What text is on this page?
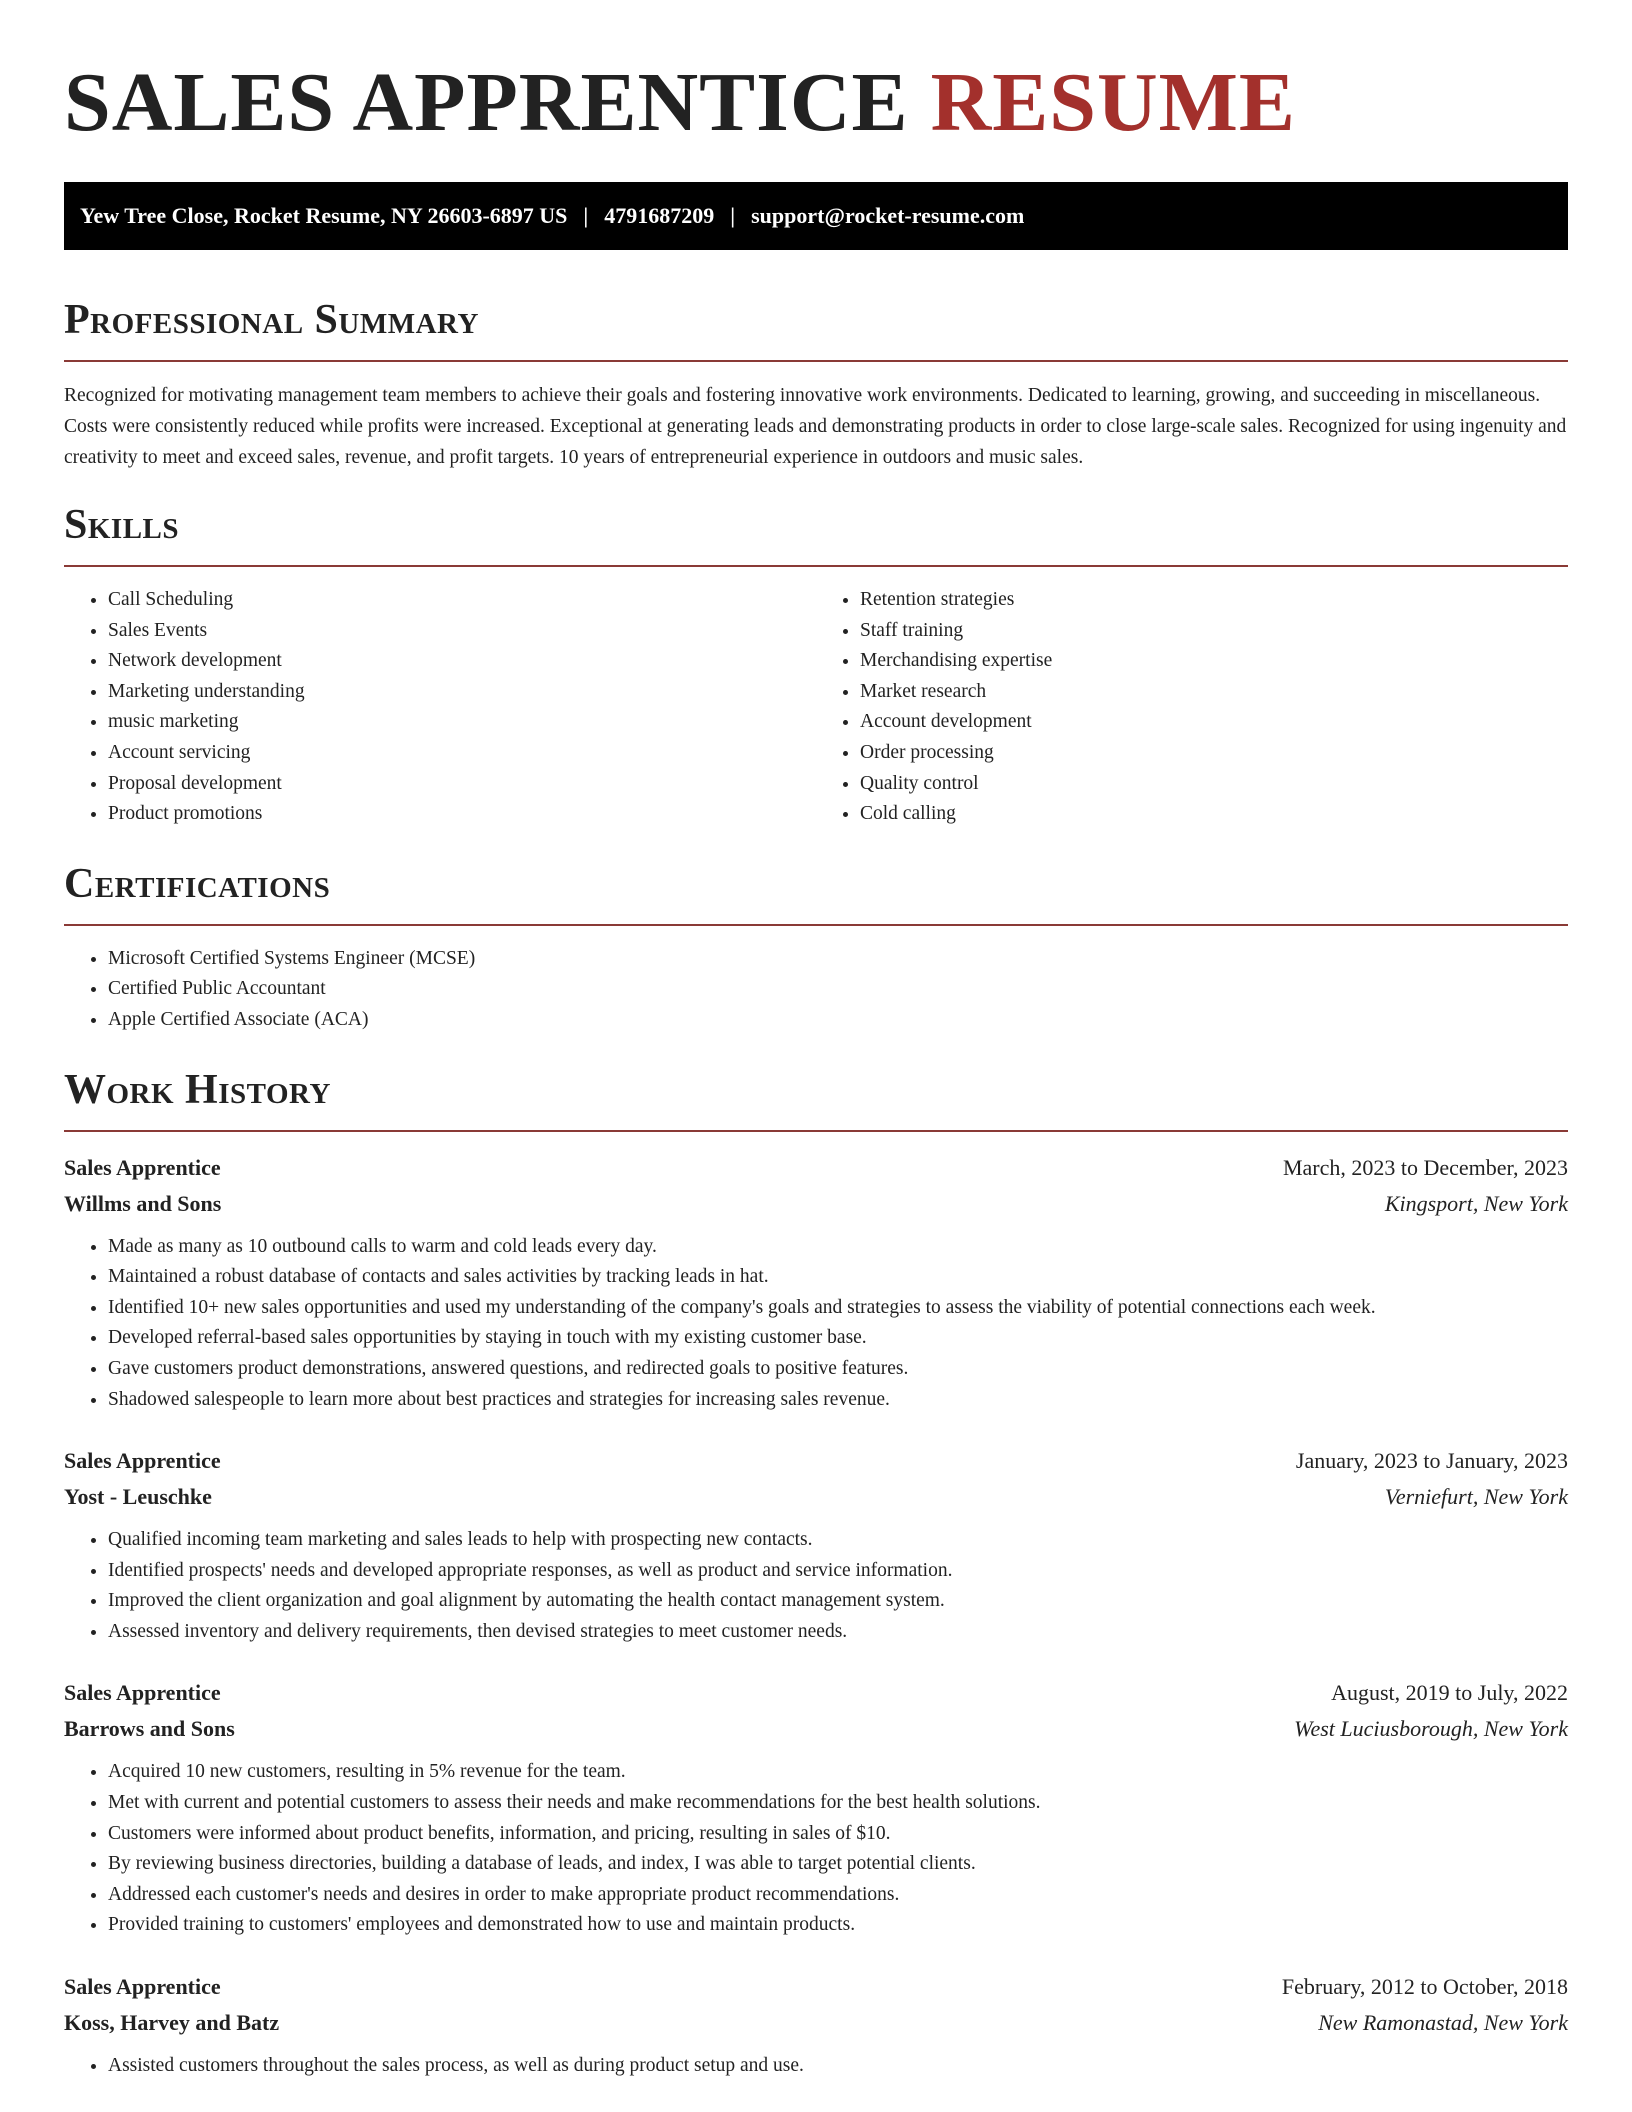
SALES APPRENTICE RESUME
Yew Tree Close, Rocket Resume, NY 26603-6897 US | 4791687209 | support@rocket-resume.com
Professional Summary

Recognized for motivating management team members to achieve their goals and fostering innovative work environments. Dedicated to learning, growing, and succeeding in miscellaneous. Costs were consistently reduced while profits were increased. Exceptional at generating leads and demonstrating products in order to close large-scale sales. Recognized for using ingenuity and creativity to meet and exceed sales, revenue, and profit targets. 10 years of entrepreneurial experience in outdoors and music sales.

Skills
• Call Scheduling
• Sales Events
• Network development
• Marketing understanding
• music marketing
• Account servicing
• Proposal development
• Product promotions
• Retention strategies
• Staff training
• Merchandising expertise
• Market research
• Account development
• Order processing
• Quality control
• Cold calling
Certifications
• Microsoft Certified Systems Engineer (MCSE)
• Certified Public Accountant
• Apple Certified Associate (ACA)
Work History
Sales Apprentice	March, 2023 to December, 2023
Willms and Sons	Kingsport, New York
• Made as many as 10 outbound calls to warm and cold leads every day.
• Maintained a robust database of contacts and sales activities by tracking leads in hat.
• Identified 10+ new sales opportunities and used my understanding of the company's goals and strategies to assess the viability of potential connections each week.
• Developed referral-based sales opportunities by staying in touch with my existing customer base.
• Gave customers product demonstrations, answered questions, and redirected goals to positive features.
• Shadowed salespeople to learn more about best practices and strategies for increasing sales revenue.
Sales Apprentice	January, 2023 to January, 2023
Yost - Leuschke	Verniefurt, New York
• Qualified incoming team marketing and sales leads to help with prospecting new contacts.
• Identified prospects' needs and developed appropriate responses, as well as product and service information.
• Improved the client organization and goal alignment by automating the health contact management system.
• Assessed inventory and delivery requirements, then devised strategies to meet customer needs.
Sales Apprentice	August, 2019 to July, 2022
Barrows and Sons	West Luciusborough, New York
• Acquired 10 new customers, resulting in 5% revenue for the team.
• Met with current and potential customers to assess their needs and make recommendations for the best health solutions.
• Customers were informed about product benefits, information, and pricing, resulting in sales of $10.
• By reviewing business directories, building a database of leads, and index, I was able to target potential clients.
• Addressed each customer's needs and desires in order to make appropriate product recommendations.
• Provided training to customers' employees and demonstrated how to use and maintain products.
Sales Apprentice	February, 2012 to October, 2018
Koss, Harvey and Batz	New Ramonastad, New York
• Assisted customers throughout the sales process, as well as during product setup and use.
